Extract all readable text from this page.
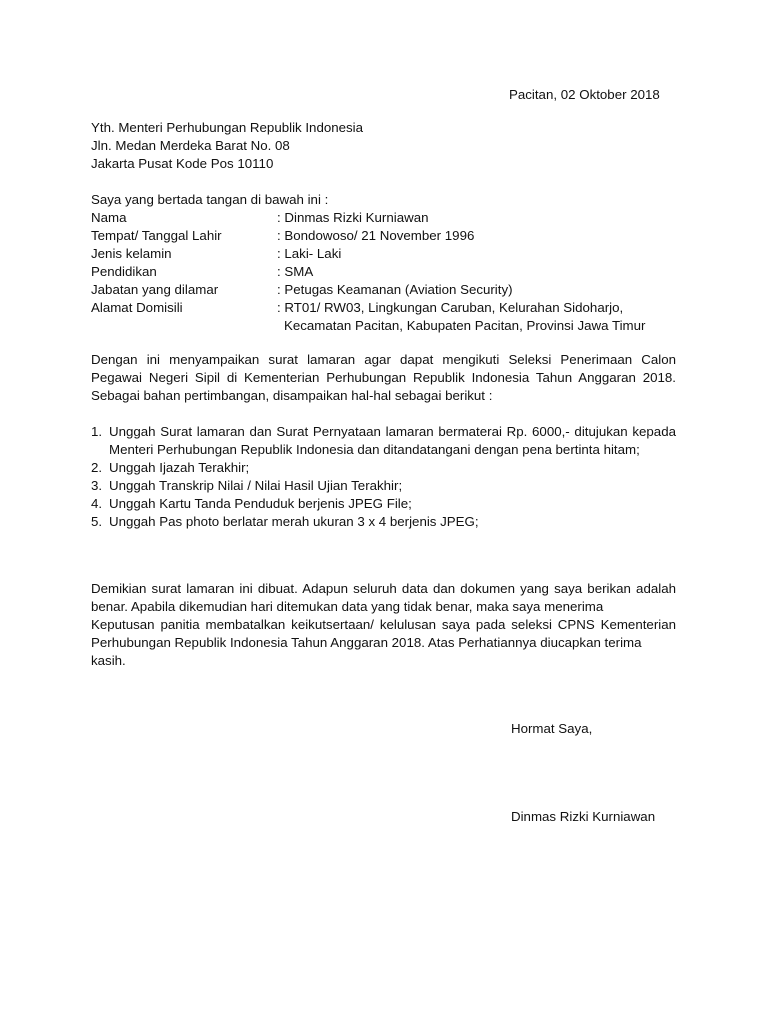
Pacitan, 02 Oktober 2018
Yth. Menteri Perhubungan Republik Indonesia
Jln. Medan Merdeka Barat No. 08
Jakarta Pusat Kode Pos 10110
Saya yang bertada tangan di bawah ini :
Nama	: Dinmas Rizki Kurniawan
Tempat/ Tanggal Lahir	: Bondowoso/ 21 November 1996
Jenis kelamin	: Laki- Laki
Pendidikan	: SMA
Jabatan yang dilamar	: Petugas Keamanan (Aviation Security)
Alamat Domisili	: RT01/ RW03, Lingkungan Caruban, Kelurahan Sidoharjo,
Kecamatan Pacitan, Kabupaten Pacitan, Provinsi Jawa Timur
Dengan ini menyampaikan surat lamaran agar dapat mengikuti Seleksi Penerimaan Calon Pegawai Negeri Sipil di Kementerian Perhubungan Republik Indonesia Tahun Anggaran 2018. Sebagai bahan pertimbangan, disampaikan hal-hal sebagai berikut :
1. Unggah Surat lamaran dan Surat Pernyataan lamaran bermaterai Rp. 6000,- ditujukan kepada Menteri Perhubungan Republik Indonesia dan ditandatangani dengan pena bertinta hitam;
2. Unggah Ijazah Terakhir;
3. Unggah Transkrip Nilai / Nilai Hasil Ujian Terakhir;
4. Unggah Kartu Tanda Penduduk berjenis JPEG File;
5. Unggah Pas photo berlatar merah ukuran 3 x 4 berjenis JPEG;
Demikian surat lamaran ini dibuat. Adapun seluruh data dan dokumen yang saya berikan adalah benar. Apabila dikemudian hari ditemukan data yang tidak benar, maka saya menerima
Keputusan panitia membatalkan keikutsertaan/ kelulusan saya pada seleksi CPNS Kementerian Perhubungan Republik Indonesia Tahun Anggaran 2018. Atas Perhatiannya diucapkan terima
kasih.
Hormat Saya,
Dinmas Rizki Kurniawan
